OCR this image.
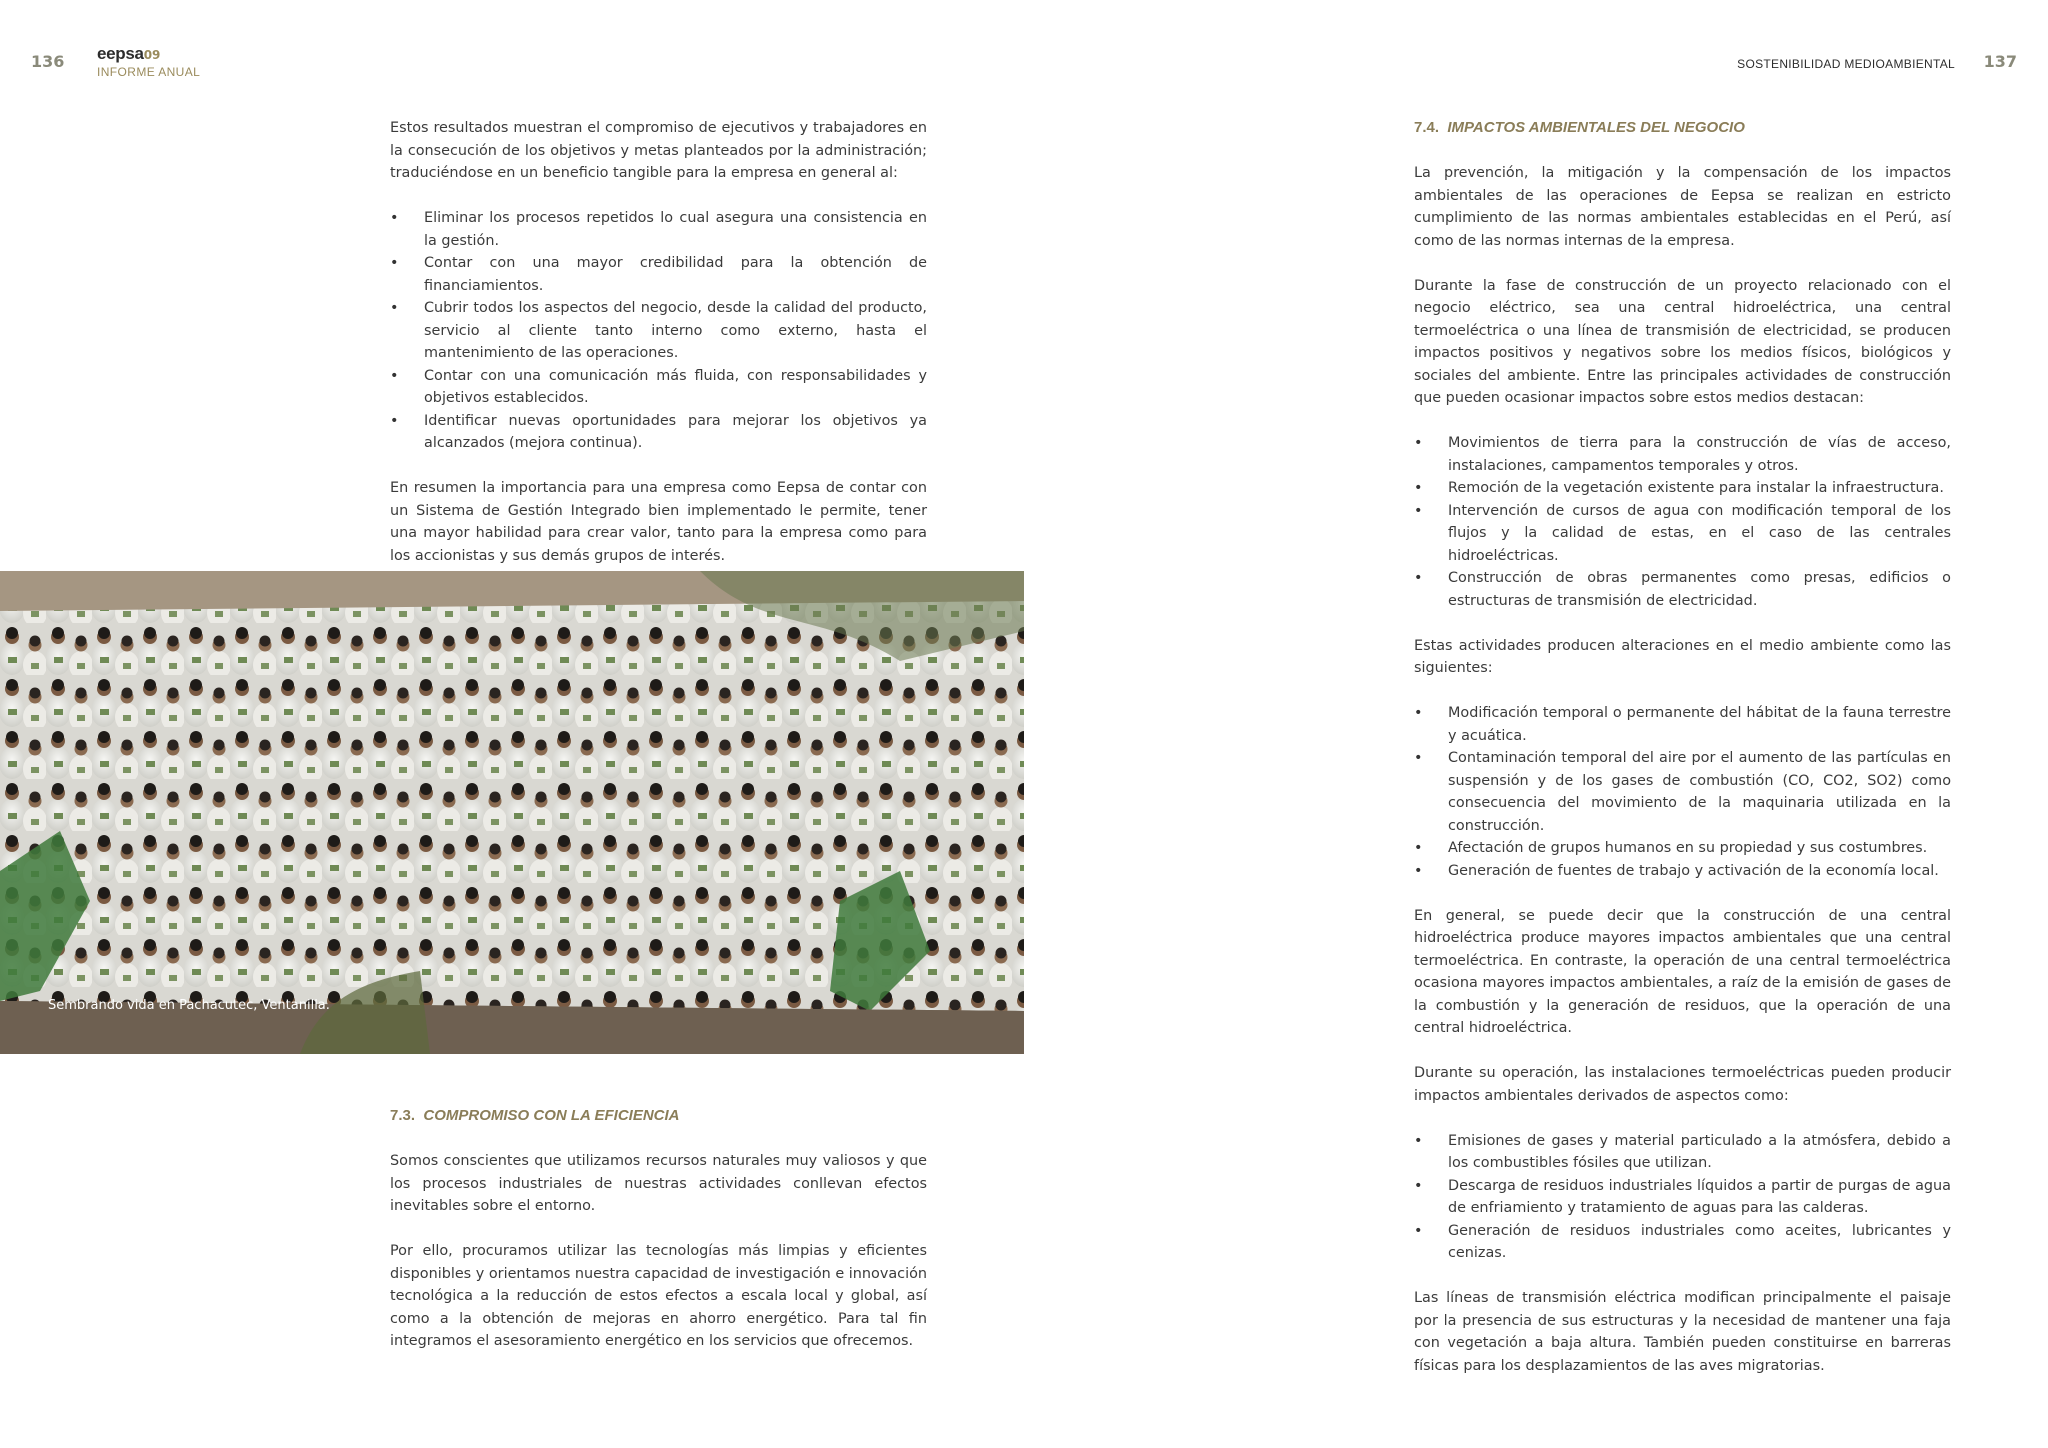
136 eepsa09
INFORME ANUAL
SOSTENIBILIDAD MEDIOAMBIENTAL 137

Estos resultados muestran el compromiso de ejecutivos y trabajadores en la consecución de los objetivos y metas planteados por la administración; traduciéndose en un beneficio tangible para la empresa en general al:

• Eliminar los procesos repetidos lo cual asegura una consistencia en la gestión.
• Contar con una mayor credibilidad para la obtención de financiamientos.
• Cubrir todos los aspectos del negocio, desde la calidad del producto, servicio al cliente tanto interno como externo, hasta el mantenimiento de las operaciones.
• Contar con una comunicación más fluida, con responsabilidades y objetivos establecidos.
• Identificar nuevas oportunidades para mejorar los objetivos ya alcanzados (mejora continua).

En resumen la importancia para una empresa como Eepsa de contar con un Sistema de Gestión Integrado bien implementado le permite, tener una mayor habilidad para crear valor, tanto para la empresa como para los accionistas y sus demás grupos de interés.

Sembrando vida en Pachacutec, Ventanilla.
7.3. COMPROMISO CON LA EFICIENCIA

Somos conscientes que utilizamos recursos naturales muy valiosos y que los procesos industriales de nuestras actividades conllevan efectos inevitables sobre el entorno.

Por ello, procuramos utilizar las tecnologías más limpias y eficientes disponibles y orientamos nuestra capacidad de investigación e innovación tecnológica a la reducción de estos efectos a escala local y global, así como a la obtención de mejoras en ahorro energético. Para tal fin integramos el asesoramiento energético en los servicios que ofrecemos.

7.4. IMPACTOS AMBIENTALES DEL NEGOCIO

La prevención, la mitigación y la compensación de los impactos ambientales de las operaciones de Eepsa se realizan en estricto cumplimiento de las normas ambientales establecidas en el Perú, así como de las normas internas de la empresa.

Durante la fase de construcción de un proyecto relacionado con el negocio eléctrico, sea una central hidroeléctrica, una central termoeléctrica o una línea de transmisión de electricidad, se producen impactos positivos y negativos sobre los medios físicos, biológicos y sociales del ambiente. Entre las principales actividades de construcción que pueden ocasionar impactos sobre estos medios destacan:

• Movimientos de tierra para la construcción de vías de acceso, instalaciones, campamentos temporales y otros.
• Remoción de la vegetación existente para instalar la infraestructura.
• Intervención de cursos de agua con modificación temporal de los flujos y la calidad de estas, en el caso de las centrales hidroeléctricas.
• Construcción de obras permanentes como presas, edificios o estructuras de transmisión de electricidad.

Estas actividades producen alteraciones en el medio ambiente como las siguientes:

• Modificación temporal o permanente del hábitat de la fauna terrestre y acuática.
• Contaminación temporal del aire por el aumento de las partículas en suspensión y de los gases de combustión (CO, CO2, SO2) como consecuencia del movimiento de la maquinaria utilizada en la construcción.
• Afectación de grupos humanos en su propiedad y sus costumbres.
• Generación de fuentes de trabajo y activación de la economía local.

En general, se puede decir que la construcción de una central hidroeléctrica produce mayores impactos ambientales que una central termoeléctrica. En contraste, la operación de una central termoeléctrica ocasiona mayores impactos ambientales, a raíz de la emisión de gases de la combustión y la generación de residuos, que la operación de una central hidroeléctrica.

Durante su operación, las instalaciones termoeléctricas pueden producir impactos ambientales derivados de aspectos como:

• Emisiones de gases y material particulado a la atmósfera, debido a los combustibles fósiles que utilizan.
• Descarga de residuos industriales líquidos a partir de purgas de agua de enfriamiento y tratamiento de aguas para las calderas.
• Generación de residuos industriales como aceites, lubricantes y cenizas.

Las líneas de transmisión eléctrica modifican principalmente el paisaje por la presencia de sus estructuras y la necesidad de mantener una faja con vegetación a baja altura. También pueden constituirse en barreras físicas para los desplazamientos de las aves migratorias.
